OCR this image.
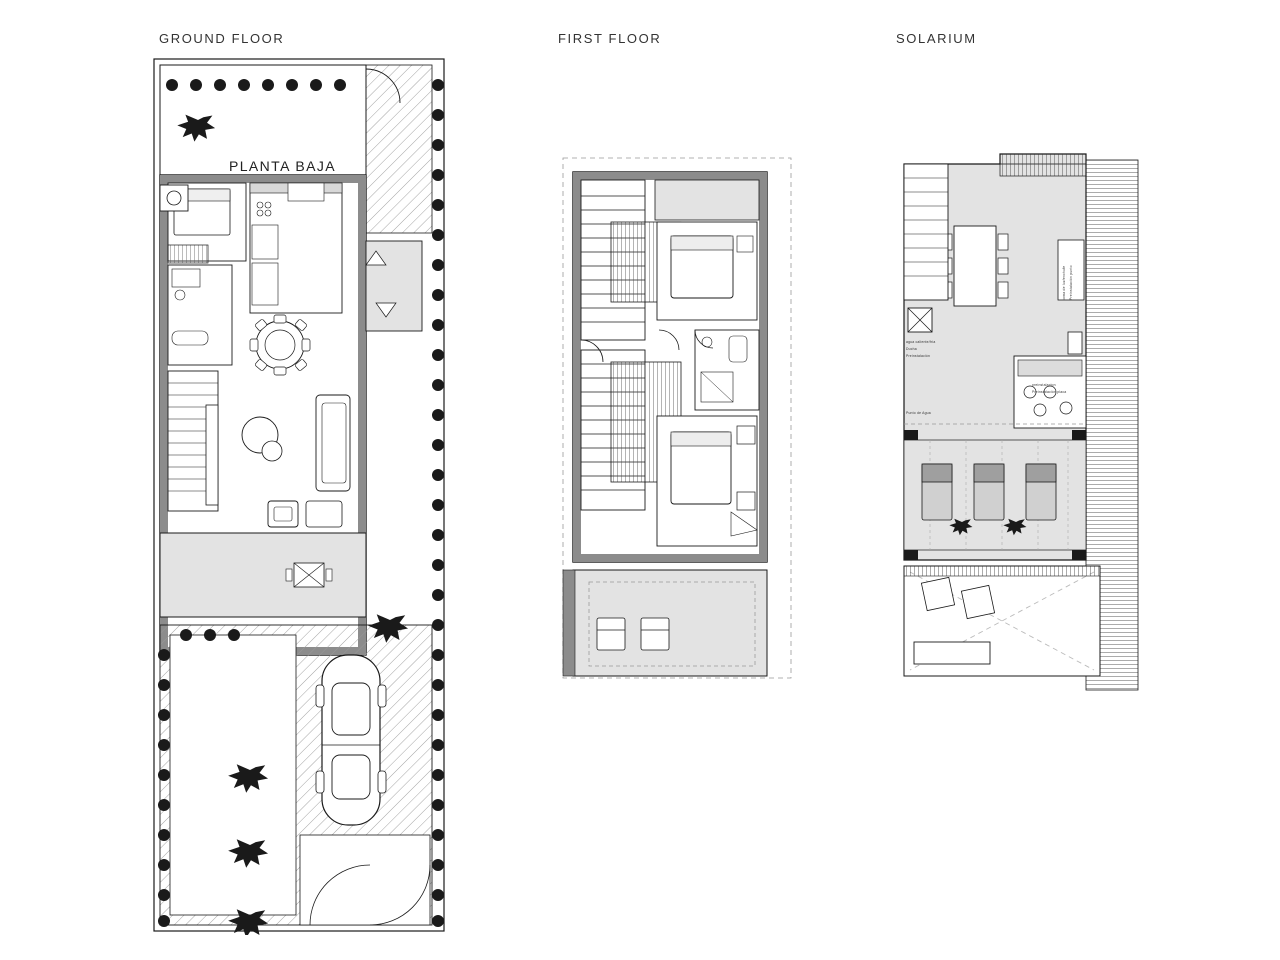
GROUND FLOOR	FIRST FLOOR	SOLARIUM
PLANTA BAJA
agua caliente/fria
Ducha
Preinstalación
Punto de Agua
preinstalacion
Preinstalación placa
toma de luz/enchufe Preinstalación punto
